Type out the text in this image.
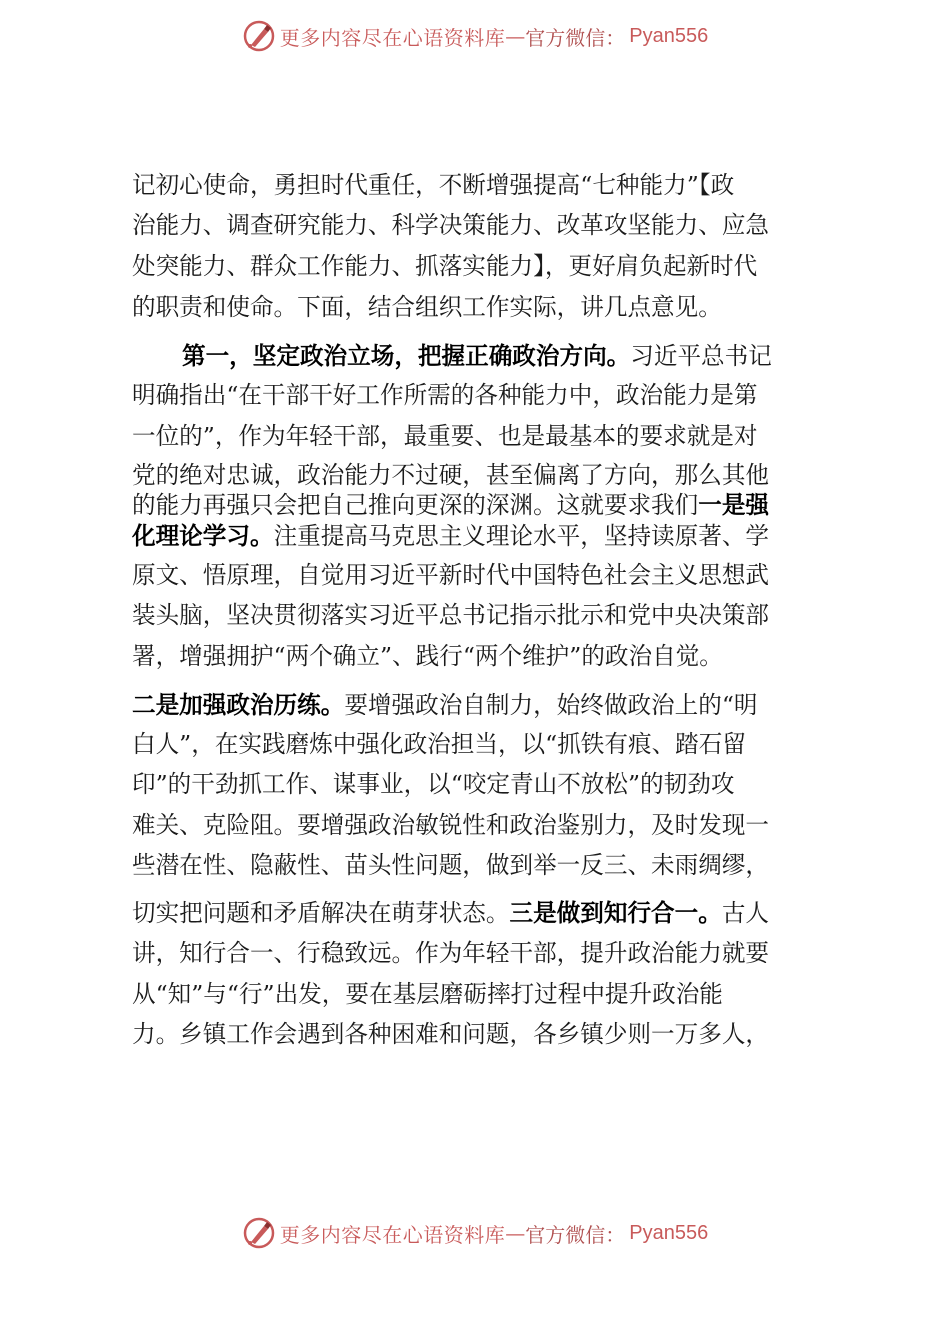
更多内容尽在心语资料库 — 官方微信： Pyan556
记初心使命，勇担时代重任，不断增强提高“七种能力”【政
治能力、调查研究能力、科学决策能力、改革攻坚能力、应急
处突能力、群众工作能力、抓落实能力】，更好肩负起新时代
的职责和使命。下面，结合组织工作实际，讲几点意见。
第一，坚定政治立场，把握正确政治方向。习近平总书记
明确指出“在干部干好工作所需的各种能力中，政治能力是第
一位的”，作为年轻干部，最重要、也是最基本的要求就是对
党的绝对忠诚，政治能力不过硬，甚至偏离了方向，那么其他
的能力再强只会把自己推向更深的深渊。这就要求我们一是强
化理论学习。注重提高马克思主义理论水平，坚持读原著、学
原文、悟原理，自觉用习近平新时代中国特色社会主义思想武
装头脑，坚决贯彻落实习近平总书记指示批示和党中央决策部
署，增强拥护“两个确立”、践行“两个维护”的政治自觉。
二是加强政治历练。要增强政治自制力，始终做政治上的“明
白人”，在实践磨炼中强化政治担当，以“抓铁有痕、踏石留
印”的干劲抓工作、谋事业，以“咬定青山不放松”的韧劲攻
难关、克险阻。要增强政治敏锐性和政治鉴别力，及时发现一
些潜在性、隐蔽性、苗头性问题，做到举一反三、未雨绸缪，
切实把问题和矛盾解决在萌芽状态。三是做到知行合一。古人
讲，知行合一、行稳致远。作为年轻干部，提升政治能力就要
从“知”与“行”出发，要在基层磨砺摔打过程中提升政治能
力。乡镇工作会遇到各种困难和问题，各乡镇少则一万多人，
更多内容尽在心语资料库 — 官方微信： Pyan556
